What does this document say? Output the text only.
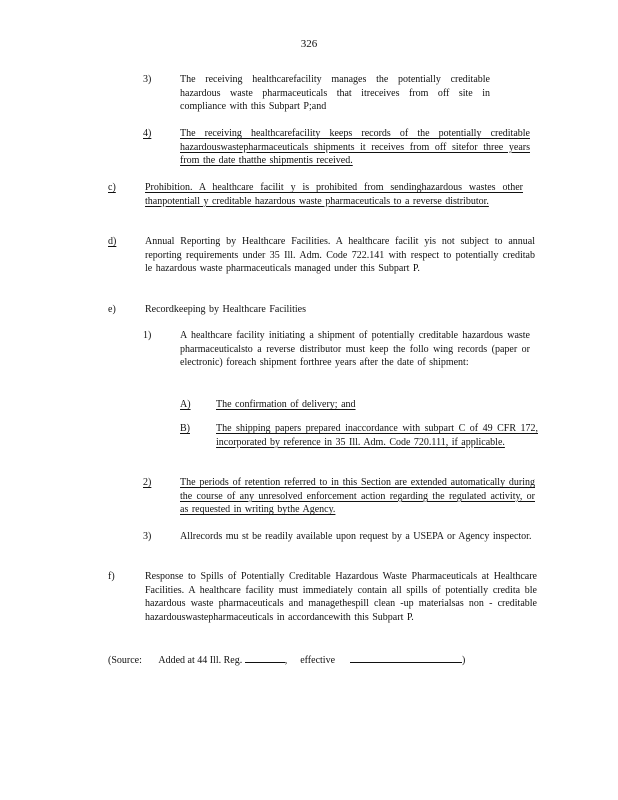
326
3)	The receiving healthcarefacility manages the potentially creditable hazardous waste pharmaceuticals that itreceives from off site in compliance with this Subpart P;and
4)	The receiving healthcarefacility keeps records of the potentially creditable hazardouswastepharmaceuticals shipments it receives from off sitefor three years from the date thatthe shipmentis received.
c)	Prohibition. A healthcare facilit y is prohibited from sendinghazardous wastes other thanpotentiall y creditable hazardous waste pharmaceuticals to a reverse distributor.
d)	Annual Reporting by Healthcare Facilities. A healthcare facilit yis not subject to annual reporting requirements under 35 Ill. Adm. Code 722.141 with respect to potentially creditab le hazardous waste pharmaceuticals managed under this Subpart P.
e)	Recordkeeping by Healthcare Facilities
1)	A healthcare facility initiating a shipment of potentially creditable hazardous waste pharmaceuticalsto a reverse distributor must keep the follo wing records (paper or electronic) foreach shipment forthree years after the date of shipment:
A)	The confirmation of delivery; and
B)	The shipping papers prepared inaccordance with subpart C of 49 CFR 172, incorporated by reference in 35 Ill. Adm. Code 720.111, if applicable.
2)	The periods of retention referred to in this Section are extended automatically during the course of any unresolved enforcement action regarding the regulated activity, or as requested in writing bythe Agency.
3)	Allrecords mu st be readily available upon request by a USEPA or Agency inspector.
f)	Response to Spills of Potentially Creditable Hazardous Waste Pharmaceuticals at Healthcare Facilities. A healthcare facility must immediately contain all spills of potentially credita ble hazardous waste pharmaceuticals and managethespill clean -up materialsas non - creditable hazardouswastepharmaceuticals in accordancewith this Subpart P.
(Source: Added at 44 Ill. Reg.	, effective	)
